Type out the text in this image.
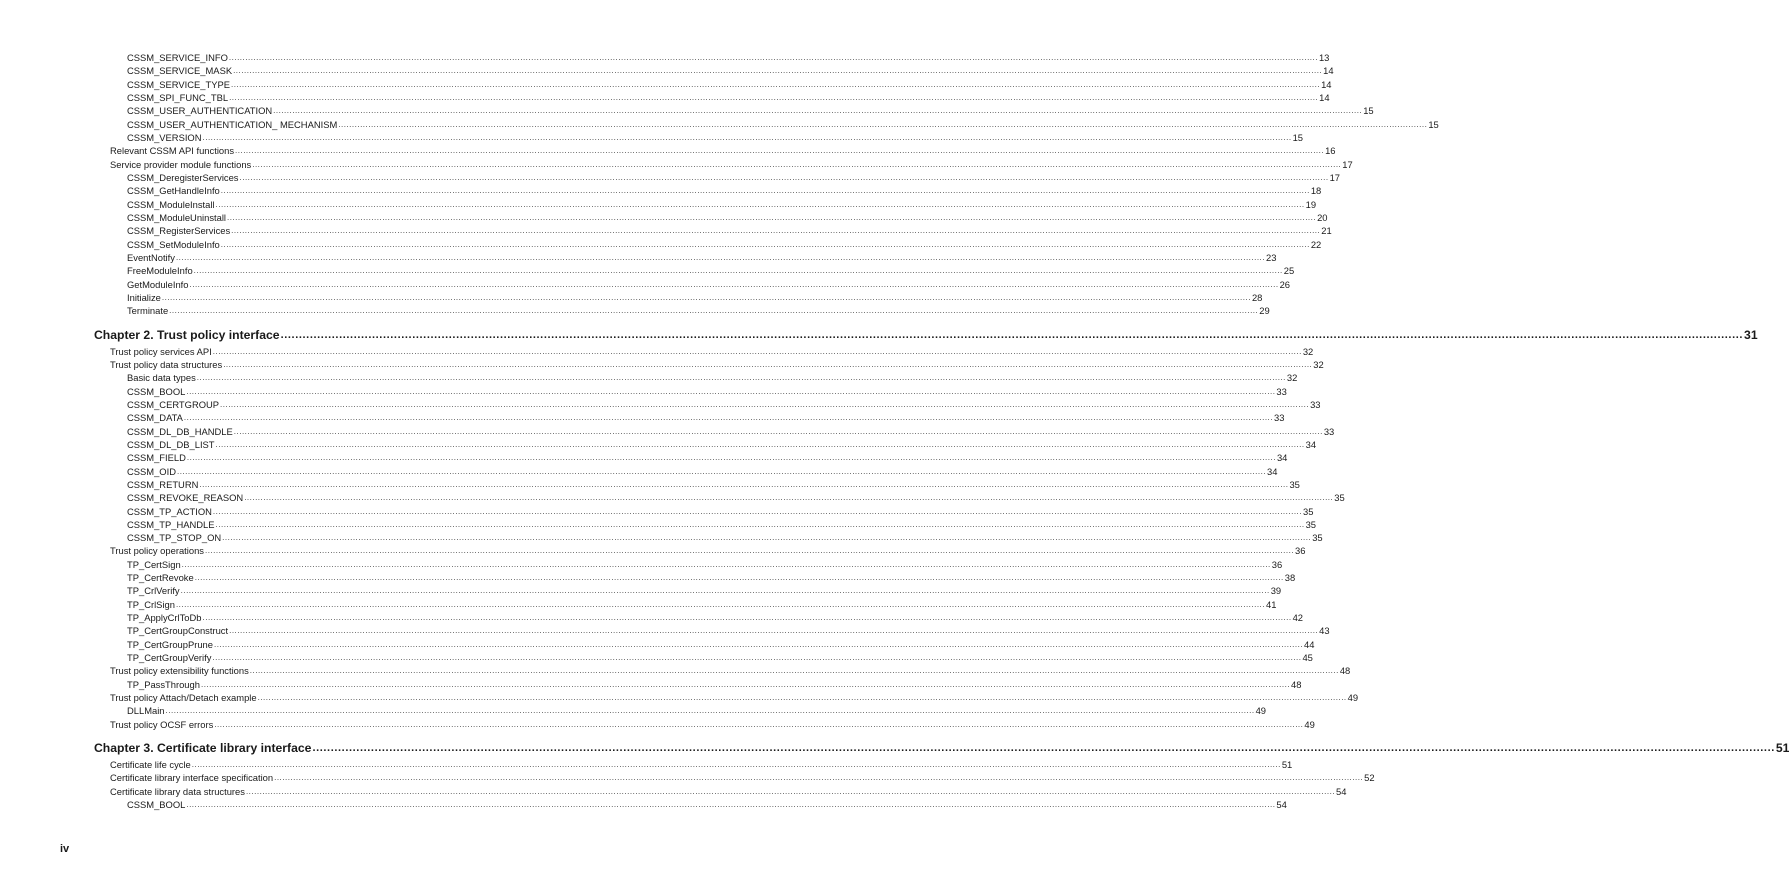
CSSM_SERVICE_INFO ................................................................................................................................................................................................................................................................................................................................................................................................................ 13
CSSM_SERVICE_MASK ................................................................................................................................................................................................................................................................................................................................................................................................................ 14
CSSM_SERVICE_TYPE ................................................................................................................................................................................................................................................................................................................................................................................................................ 14
CSSM_SPI_FUNC_TBL ................................................................................................................................................................................................................................................................................................................................................................................................................ 14
CSSM_USER_AUTHENTICATION ................................................................................................................................................................................................................................................................................................................................................................................................................ 15
CSSM_USER_AUTHENTICATION_ MECHANISM ................................................................................................................................................................................................................................................................................................................................................................................................................ 15
CSSM_VERSION ................................................................................................................................................................................................................................................................................................................................................................................................................ 15
Relevant CSSM API functions ................................................................................................................................................................................................................................................................................................................................................................................................................ 16
Service provider module functions ................................................................................................................................................................................................................................................................................................................................................................................................................ 17
CSSM_DeregisterServices ................................................................................................................................................................................................................................................................................................................................................................................................................ 17
CSSM_GetHandleInfo ................................................................................................................................................................................................................................................................................................................................................................................................................ 18
CSSM_ModuleInstall ................................................................................................................................................................................................................................................................................................................................................................................................................ 19
CSSM_ModuleUninstall ................................................................................................................................................................................................................................................................................................................................................................................................................ 20
CSSM_RegisterServices ................................................................................................................................................................................................................................................................................................................................................................................................................ 21
CSSM_SetModuleInfo ................................................................................................................................................................................................................................................................................................................................................................................................................ 22
EventNotify ................................................................................................................................................................................................................................................................................................................................................................................................................ 23
FreeModuleInfo ................................................................................................................................................................................................................................................................................................................................................................................................................ 25
GetModuleInfo ................................................................................................................................................................................................................................................................................................................................................................................................................ 26
Initialize ................................................................................................................................................................................................................................................................................................................................................................................................................ 28
Terminate ................................................................................................................................................................................................................................................................................................................................................................................................................ 29
Chapter 2. Trust policy interface ................................................................................................................................................................................................................................................................................................................................................................................................................ 31
Trust policy services API ................................................................................................................................................................................................................................................................................................................................................................................................................ 32
Trust policy data structures ................................................................................................................................................................................................................................................................................................................................................................................................................ 32
Basic data types ................................................................................................................................................................................................................................................................................................................................................................................................................ 32
CSSM_BOOL ................................................................................................................................................................................................................................................................................................................................................................................................................ 33
CSSM_CERTGROUP ................................................................................................................................................................................................................................................................................................................................................................................................................ 33
CSSM_DATA ................................................................................................................................................................................................................................................................................................................................................................................................................ 33
CSSM_DL_DB_HANDLE ................................................................................................................................................................................................................................................................................................................................................................................................................ 33
CSSM_DL_DB_LIST ................................................................................................................................................................................................................................................................................................................................................................................................................ 34
CSSM_FIELD ................................................................................................................................................................................................................................................................................................................................................................................................................ 34
CSSM_OID ................................................................................................................................................................................................................................................................................................................................................................................................................ 34
CSSM_RETURN ................................................................................................................................................................................................................................................................................................................................................................................................................ 35
CSSM_REVOKE_REASON ................................................................................................................................................................................................................................................................................................................................................................................................................ 35
CSSM_TP_ACTION ................................................................................................................................................................................................................................................................................................................................................................................................................ 35
CSSM_TP_HANDLE ................................................................................................................................................................................................................................................................................................................................................................................................................ 35
CSSM_TP_STOP_ON ................................................................................................................................................................................................................................................................................................................................................................................................................ 35
Trust policy operations ................................................................................................................................................................................................................................................................................................................................................................................................................ 36
TP_CertSign ................................................................................................................................................................................................................................................................................................................................................................................................................ 36
TP_CertRevoke ................................................................................................................................................................................................................................................................................................................................................................................................................ 38
TP_CrlVerify ................................................................................................................................................................................................................................................................................................................................................................................................................ 39
TP_CrlSign ................................................................................................................................................................................................................................................................................................................................................................................................................ 41
TP_ApplyCrlToDb ................................................................................................................................................................................................................................................................................................................................................................................................................ 42
TP_CertGroupConstruct ................................................................................................................................................................................................................................................................................................................................................................................................................ 43
TP_CertGroupPrune ................................................................................................................................................................................................................................................................................................................................................................................................................ 44
TP_CertGroupVerify ................................................................................................................................................................................................................................................................................................................................................................................................................ 45
Trust policy extensibility functions ................................................................................................................................................................................................................................................................................................................................................................................................................ 48
TP_PassThrough ................................................................................................................................................................................................................................................................................................................................................................................................................ 48
Trust policy Attach/Detach example ................................................................................................................................................................................................................................................................................................................................................................................................................ 49
DLLMain ................................................................................................................................................................................................................................................................................................................................................................................................................ 49
Trust policy OCSF errors ................................................................................................................................................................................................................................................................................................................................................................................................................ 49
Chapter 3. Certificate library interface ................................................................................................................................................................................................................................................................................................................................................................................................................ 51
Certificate life cycle ................................................................................................................................................................................................................................................................................................................................................................................................................ 51
Certificate library interface specification ................................................................................................................................................................................................................................................................................................................................................................................................................ 52
Certificate library data structures ................................................................................................................................................................................................................................................................................................................................................................................................................ 54
CSSM_BOOL ................................................................................................................................................................................................................................................................................................................................................................................................................ 54
iv
